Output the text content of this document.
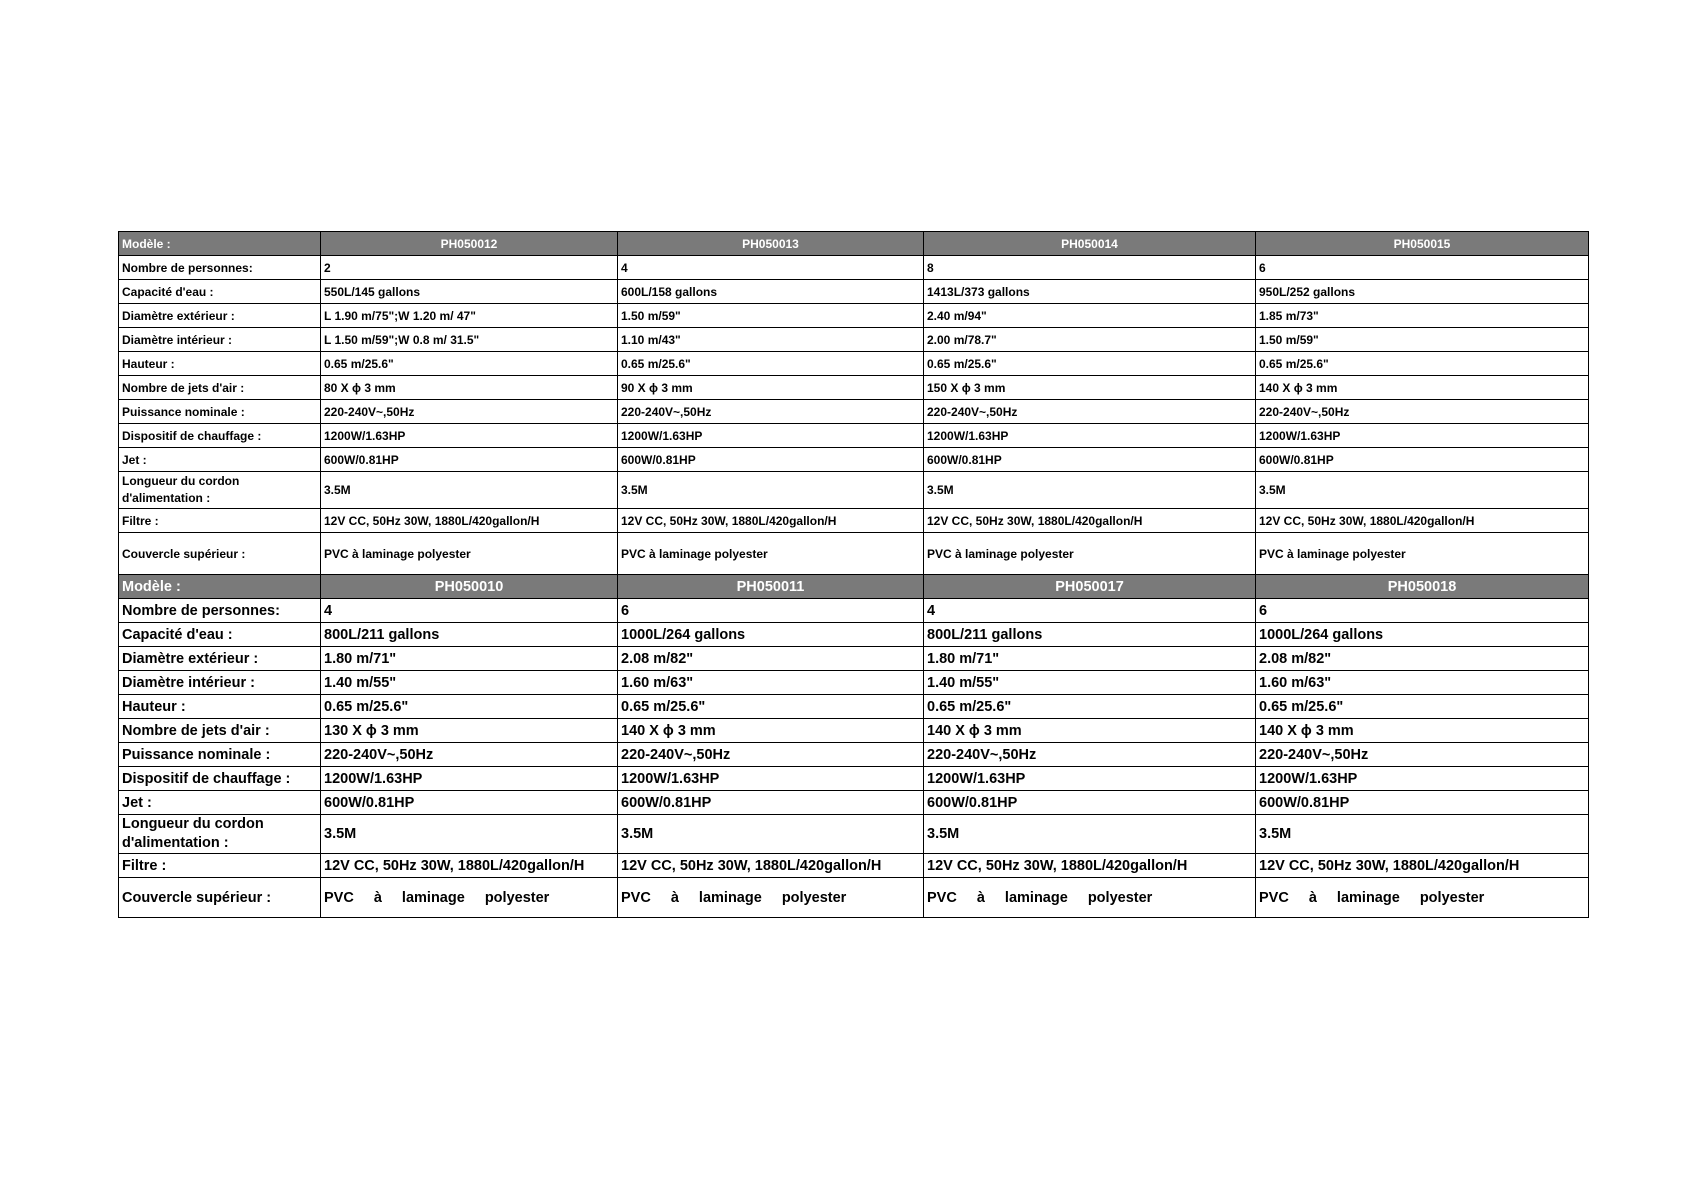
Modèle :	PH050012	PH050013	PH050014	PH050015
Nombre de personnes:	2	4	8	6
Capacité d'eau :	550L/145 gallons	600L/158 gallons	1413L/373 gallons	950L/252 gallons
Diamètre extérieur :	L 1.90 m/75";W 1.20 m/ 47"	1.50 m/59"	2.40 m/94"	1.85 m/73"
Diamètre intérieur :	L 1.50 m/59";W 0.8 m/ 31.5"	1.10 m/43"	2.00 m/78.7"	1.50 m/59"
Hauteur :	0.65 m/25.6"	0.65 m/25.6"	0.65 m/25.6"	0.65 m/25.6"
Nombre de jets d'air :	80 X ϕ 3 mm	90 X ϕ 3 mm	150 X ϕ 3 mm	140 X ϕ 3 mm
Puissance nominale :	220-240V~,50Hz	220-240V~,50Hz	220-240V~,50Hz	220-240V~,50Hz
Dispositif de chauffage :	1200W/1.63HP	1200W/1.63HP	1200W/1.63HP	1200W/1.63HP
Jet :	600W/0.81HP	600W/0.81HP	600W/0.81HP	600W/0.81HP
Longueur du cordon d'alimentation :	3.5M	3.5M	3.5M	3.5M
Filtre :	12V CC, 50Hz 30W, 1880L/420gallon/H	12V CC, 50Hz 30W, 1880L/420gallon/H	12V CC, 50Hz 30W, 1880L/420gallon/H	12V CC, 50Hz 30W, 1880L/420gallon/H
Couvercle supérieur :	PVC à laminage polyester	PVC à laminage polyester	PVC à laminage polyester	PVC à laminage polyester
Modèle :	PH050010	PH050011	PH050017	PH050018
Nombre de personnes:	4	6	4	6
Capacité d'eau :	800L/211 gallons	1000L/264 gallons	800L/211 gallons	1000L/264 gallons
Diamètre extérieur :	1.80 m/71"	2.08 m/82"	1.80 m/71"	2.08 m/82"
Diamètre intérieur :	1.40 m/55"	1.60 m/63"	1.40 m/55"	1.60 m/63"
Hauteur :	0.65 m/25.6"	0.65 m/25.6"	0.65 m/25.6"	0.65 m/25.6"
Nombre de jets d'air :	130 X ϕ 3 mm	140 X ϕ 3 mm	140 X ϕ 3 mm	140 X ϕ 3 mm
Puissance nominale :	220-240V~,50Hz	220-240V~,50Hz	220-240V~,50Hz	220-240V~,50Hz
Dispositif de chauffage :	1200W/1.63HP	1200W/1.63HP	1200W/1.63HP	1200W/1.63HP
Jet :	600W/0.81HP	600W/0.81HP	600W/0.81HP	600W/0.81HP
Longueur du cordon d'alimentation :	3.5M	3.5M	3.5M	3.5M
Filtre :	12V CC, 50Hz 30W, 1880L/420gallon/H	12V CC, 50Hz 30W, 1880L/420gallon/H	12V CC, 50Hz 30W, 1880L/420gallon/H	12V CC, 50Hz 30W, 1880L/420gallon/H
Couvercle supérieur :	PVC à laminage polyester	PVC à laminage polyester	PVC à laminage polyester	PVC à laminage polyester
